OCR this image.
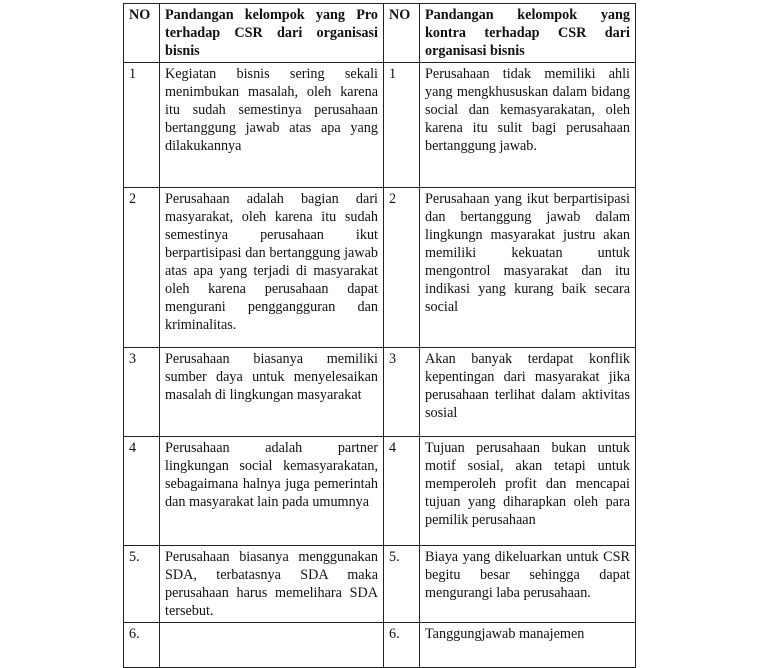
NO	Pandangan kelompok yang Pro terhadap CSR dari organisasi bisnis	NO	Pandangan kelompok yang kontra terhadap CSR dari organisasi bisnis
1	Kegiatan bisnis sering sekali menimbukan masalah, oleh karena itu sudah semestinya perusahaan bertanggung jawab atas apa yang dilakukannya	1	Perusahaan tidak memiliki ahli yang mengkhususkan dalam bidang social dan kemasyarakatan, oleh karena itu sulit bagi perusahaan bertanggung jawab.
2	Perusahaan adalah bagian dari masyarakat, oleh karena itu sudah semestinya perusahaan ikut berpartisipasi dan bertanggung jawab atas apa yang terjadi di masyarakat oleh karena perusahaan dapat mengurani penggangguran dan kriminalitas.	2	Perusahaan yang ikut berpartisipasi dan bertanggung jawab dalam lingkungn masyarakat justru akan memiliki kekuatan untuk mengontrol masyarakat dan itu indikasi yang kurang baik secara social
3	Perusahaan biasanya memiliki sumber daya untuk menyelesaikan masalah di lingkungan masyarakat	3	Akan banyak terdapat konflik kepentingan dari masyarakat jika perusahaan terlihat dalam aktivitas sosial
4	Perusahaan adalah partner lingkungan social kemasyarakatan, sebagaimana halnya juga pemerintah dan masyarakat lain pada umumnya	4	Tujuan perusahaan bukan untuk motif sosial, akan tetapi untuk memperoleh profit dan mencapai tujuan yang diharapkan oleh para pemilik perusahaan
5.	Perusahaan biasanya menggunakan SDA, terbatasnya SDA maka perusahaan harus memelihara SDA tersebut.	5.	Biaya yang dikeluarkan untuk CSR begitu besar sehingga dapat mengurangi laba perusahaan.
6.		6.	Tanggungjawab manajemen
